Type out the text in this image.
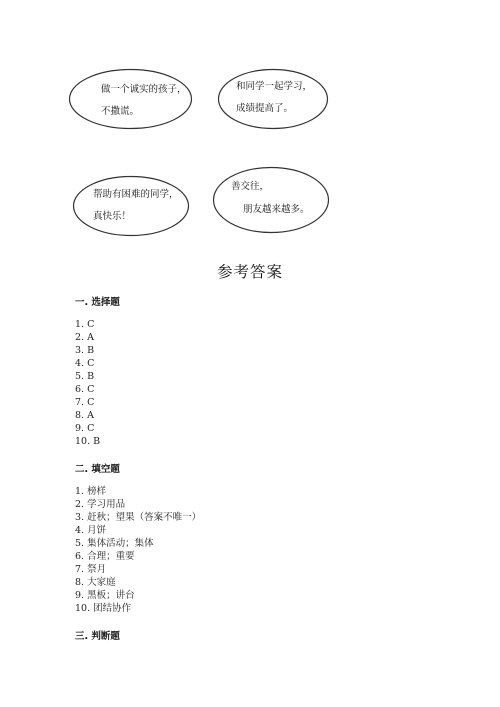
做一个诚实的孩子，
不撒谎。
和同学一起学习，
成绩提高了。
帮助有困难的同学，
真快乐！
善交往，
朋友越来越多。
参考答案
一. 选择题
1. C
2. A
3. B
4. C
5. B
6. C
7. C
8. A
9. C
10. B
二. 填空题
1. 榜样
2. 学习用品
3. 赶秋；望果（答案不唯一）
4. 月饼
5. 集体活动；集体
6. 合理；重要
7. 祭月
8. 大家庭
9. 黑板；讲台
10. 团结协作
三. 判断题
